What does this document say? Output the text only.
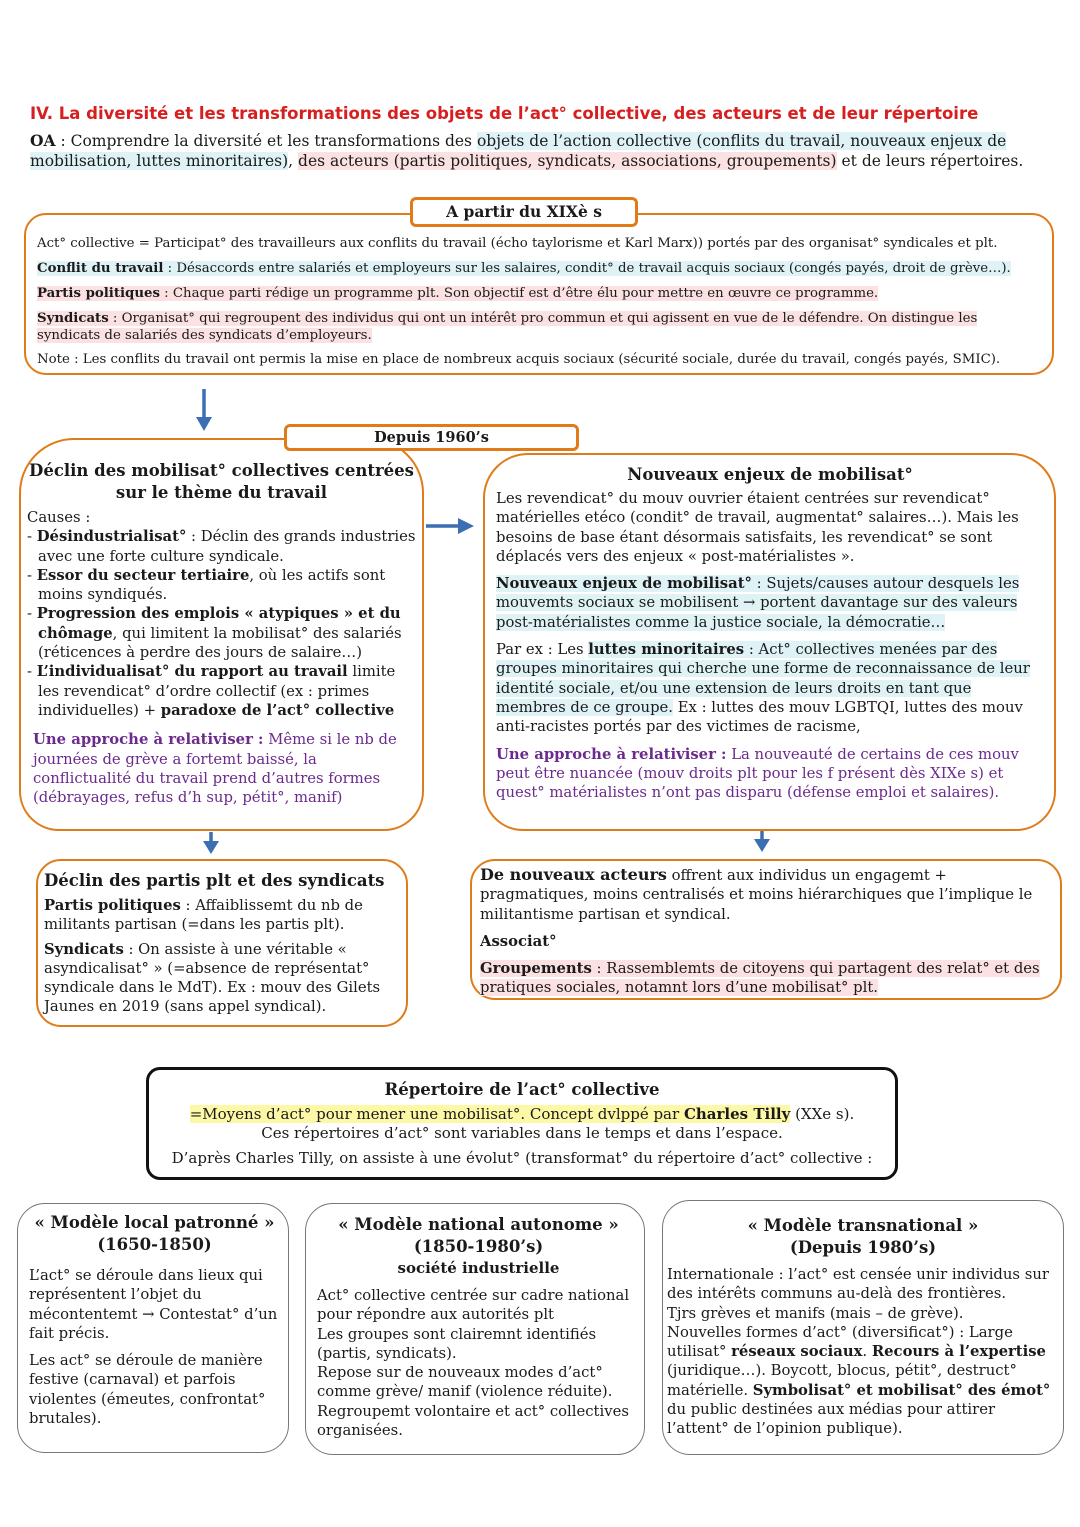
IV. La diversité et les transformations des objets de l’act° collective, des acteurs et de leur répertoire
OA : Comprendre la diversité et les transformations des objets de l’action collective (conflits du travail, nouveaux enjeux de mobilisation, luttes minoritaires), des acteurs (partis politiques, syndicats, associations, groupements) et de leurs répertoires.

Act° collective = Participat° des travailleurs aux conflits du travail (écho taylorisme et Karl Marx)) portés par des organisat° syndicales et plt.

Conflit du travail : Désaccords entre salariés et employeurs sur les salaires, condit° de travail acquis sociaux (congés payés, droit de grève…).

Partis politiques : Chaque parti rédige un programme plt. Son objectif est d’être élu pour mettre en œuvre ce programme.

Syndicats : Organisat° qui regroupent des individus qui ont un intérêt pro commun et qui agissent en vue de le défendre. On distingue les syndicats de salariés des syndicats d’employeurs.

Note : Les conflits du travail ont permis la mise en place de nombreux acquis sociaux (sécurité sociale, durée du travail, congés payés, SMIC).

A partir du XIXè s
Déclin des mobilisat° collectives centrées sur le thème du travail
Causes :
- Désindustrialisat° : Déclin des grands industries avec une forte culture syndicale.
- Essor du secteur tertiaire, où les actifs sont moins syndiqués.
- Progression des emplois « atypiques » et du chômage, qui limitent la mobilisat° des salariés (réticences à perdre des jours de salaire…)
- L’individualisat° du rapport au travail limite les revendicat° d’ordre collectif (ex : primes individuelles) + paradoxe de l’act° collective
Une approche à relativiser : Même si le nb de journées de grève a fortemt baissé, la conflictualité du travail prend d’autres formes (débrayages, refus d’h sup, pétit°, manif)
Depuis 1960’s
Nouveaux enjeux de mobilisat°

Les revendicat° du mouv ouvrier étaient centrées sur revendicat° matérielles etéco (condit° de travail, augmentat° salaires…). Mais les besoins de base étant désormais satisfaits, les revendicat° se sont déplacés vers des enjeux « post-matérialistes ».

Nouveaux enjeux de mobilisat° : Sujets/causes autour desquels les mouvemts sociaux se mobilisent → portent davantage sur des valeurs post-matérialistes comme la justice sociale, la démocratie…

Par ex : Les luttes minoritaires : Act° collectives menées par des groupes minoritaires qui cherche une forme de reconnaissance de leur identité sociale, et/ou une extension de leurs droits en tant que membres de ce groupe. Ex : luttes des mouv LGBTQI, luttes des mouv anti-racistes portés par des victimes de racisme,

Une approche à relativiser : La nouveauté de certains de ces mouv peut être nuancée (mouv droits plt pour les f présent dès XIXe s) et quest° matérialistes n’ont pas disparu (défense emploi et salaires).

Déclin des partis plt et des syndicats

Partis politiques : Affaiblissemt du nb de militants partisan (=dans les partis plt).

Syndicats : On assiste à une véritable « asyndicalisat° » (=absence de représentat° syndicale dans le MdT). Ex : mouv des Gilets Jaunes en 2019 (sans appel syndical).

De nouveaux acteurs offrent aux individus un engagemt + pragmatiques, moins centralisés et moins hiérarchiques que l’implique le militantisme partisan et syndical.

Associat°

Groupements : Rassemblemts de citoyens qui partagent des relat° et des pratiques sociales, notamnt lors d’une mobilisat° plt.

Répertoire de l’act° collective

=Moyens d’act° pour mener une mobilisat°. Concept dvlppé par Charles Tilly (XXe s).

Ces répertoires d’act° sont variables dans le temps et dans l’espace.

D’après Charles Tilly, on assiste à une évolut° (transformat° du répertoire d’act° collective :

« Modèle local patronné »
(1650-1850)

L’act° se déroule dans lieux qui représentent l’objet du mécontentemt → Contestat° d’un fait précis.

Les act° se déroule de manière festive (carnaval) et parfois violentes (émeutes, confrontat° brutales).

« Modèle national autonome »
(1850-1980’s)
société industrielle
Act° collective centrée sur cadre national pour répondre aux autorités plt
Les groupes sont clairemnt identifiés (partis, syndicats).
Repose sur de nouveaux modes d’act° comme grève/ manif (violence réduite).
Regroupemt volontaire et act° collectives organisées.
« Modèle transnational »
(Depuis 1980’s)
Internationale : l’act° est censée unir individus sur des intérêts communs au-delà des frontières.
Tjrs grèves et manifs (mais – de grève).
Nouvelles formes d’act° (diversificat°) : Large utilisat° réseaux sociaux. Recours à l’expertise (juridique…). Boycott, blocus, pétit°, destruct° matérielle. Symbolisat° et mobilisat° des émot° du public destinées aux médias pour attirer l’attent° de l’opinion publique).
